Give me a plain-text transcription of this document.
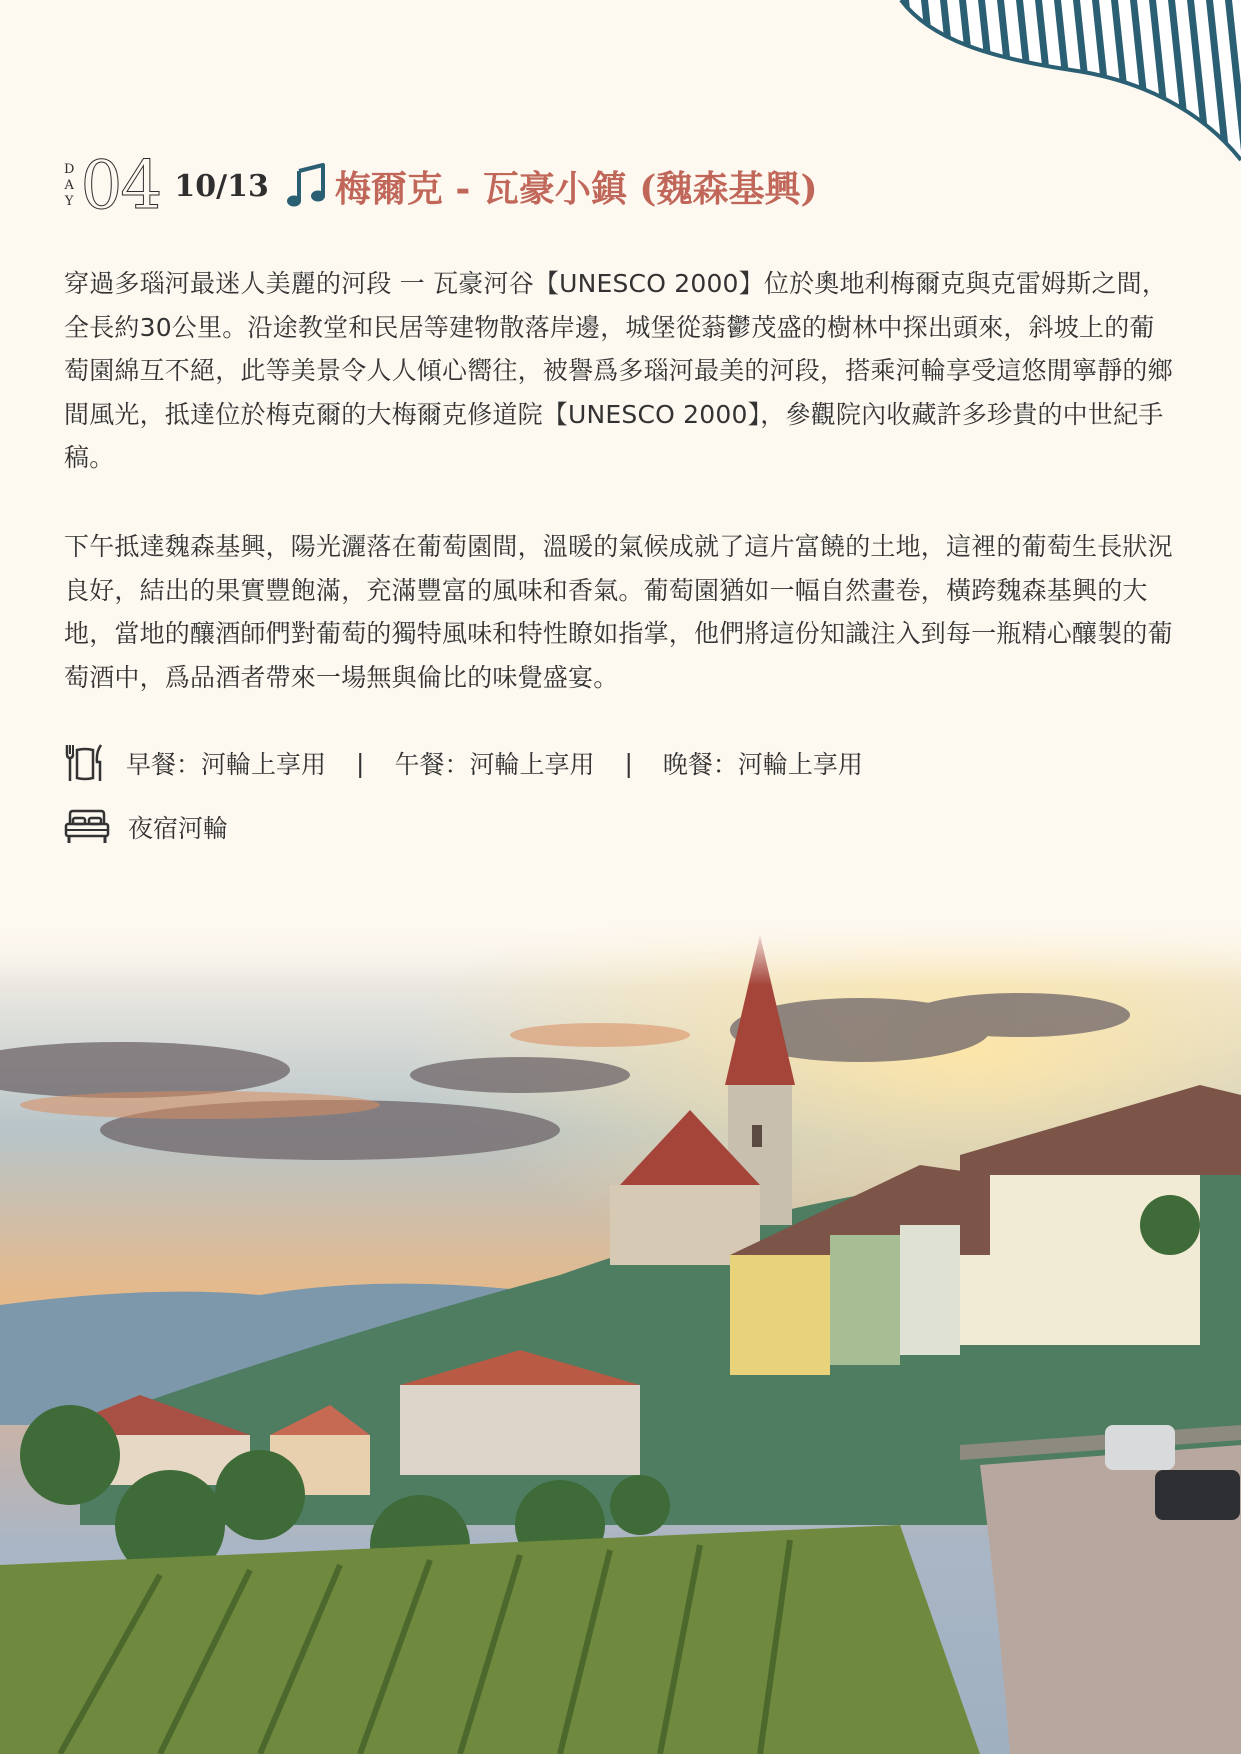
D
A
Y 04 10/13 梅爾克 - 瓦豪小鎮 (魏森基興)

穿過多瑙河最迷人美麗的河段 一 瓦豪河谷【UNESCO 2000】位於奧地利梅爾克與克雷姆斯之間，全長約30公里。沿途教堂和民居等建物散落岸邊，城堡從蓊鬱茂盛的樹林中探出頭來，斜坡上的葡萄園綿互不絕，此等美景令人人傾心嚮往，被譽爲多瑙河最美的河段，搭乘河輪享受這悠閒寧靜的鄉間風光，抵達位於梅克爾的大梅爾克修道院【UNESCO 2000】，參觀院內收藏許多珍貴的中世紀手稿。

下午抵達魏森基興，陽光灑落在葡萄園間，溫暖的氣候成就了這片富饒的土地，這裡的葡萄生長狀況良好，結出的果實豐飽滿，充滿豐富的風味和香氣。葡萄園猶如一幅自然畫卷，橫跨魏森基興的大地，當地的釀酒師們對葡萄的獨特風味和特性瞭如指掌，他們將這份知識注入到每一瓶精心釀製的葡萄酒中，爲品酒者帶來一場無與倫比的味覺盛宴。

早餐：河輪上享用 | 午餐：河輪上享用 | 晚餐：河輪上享用
夜宿河輪
